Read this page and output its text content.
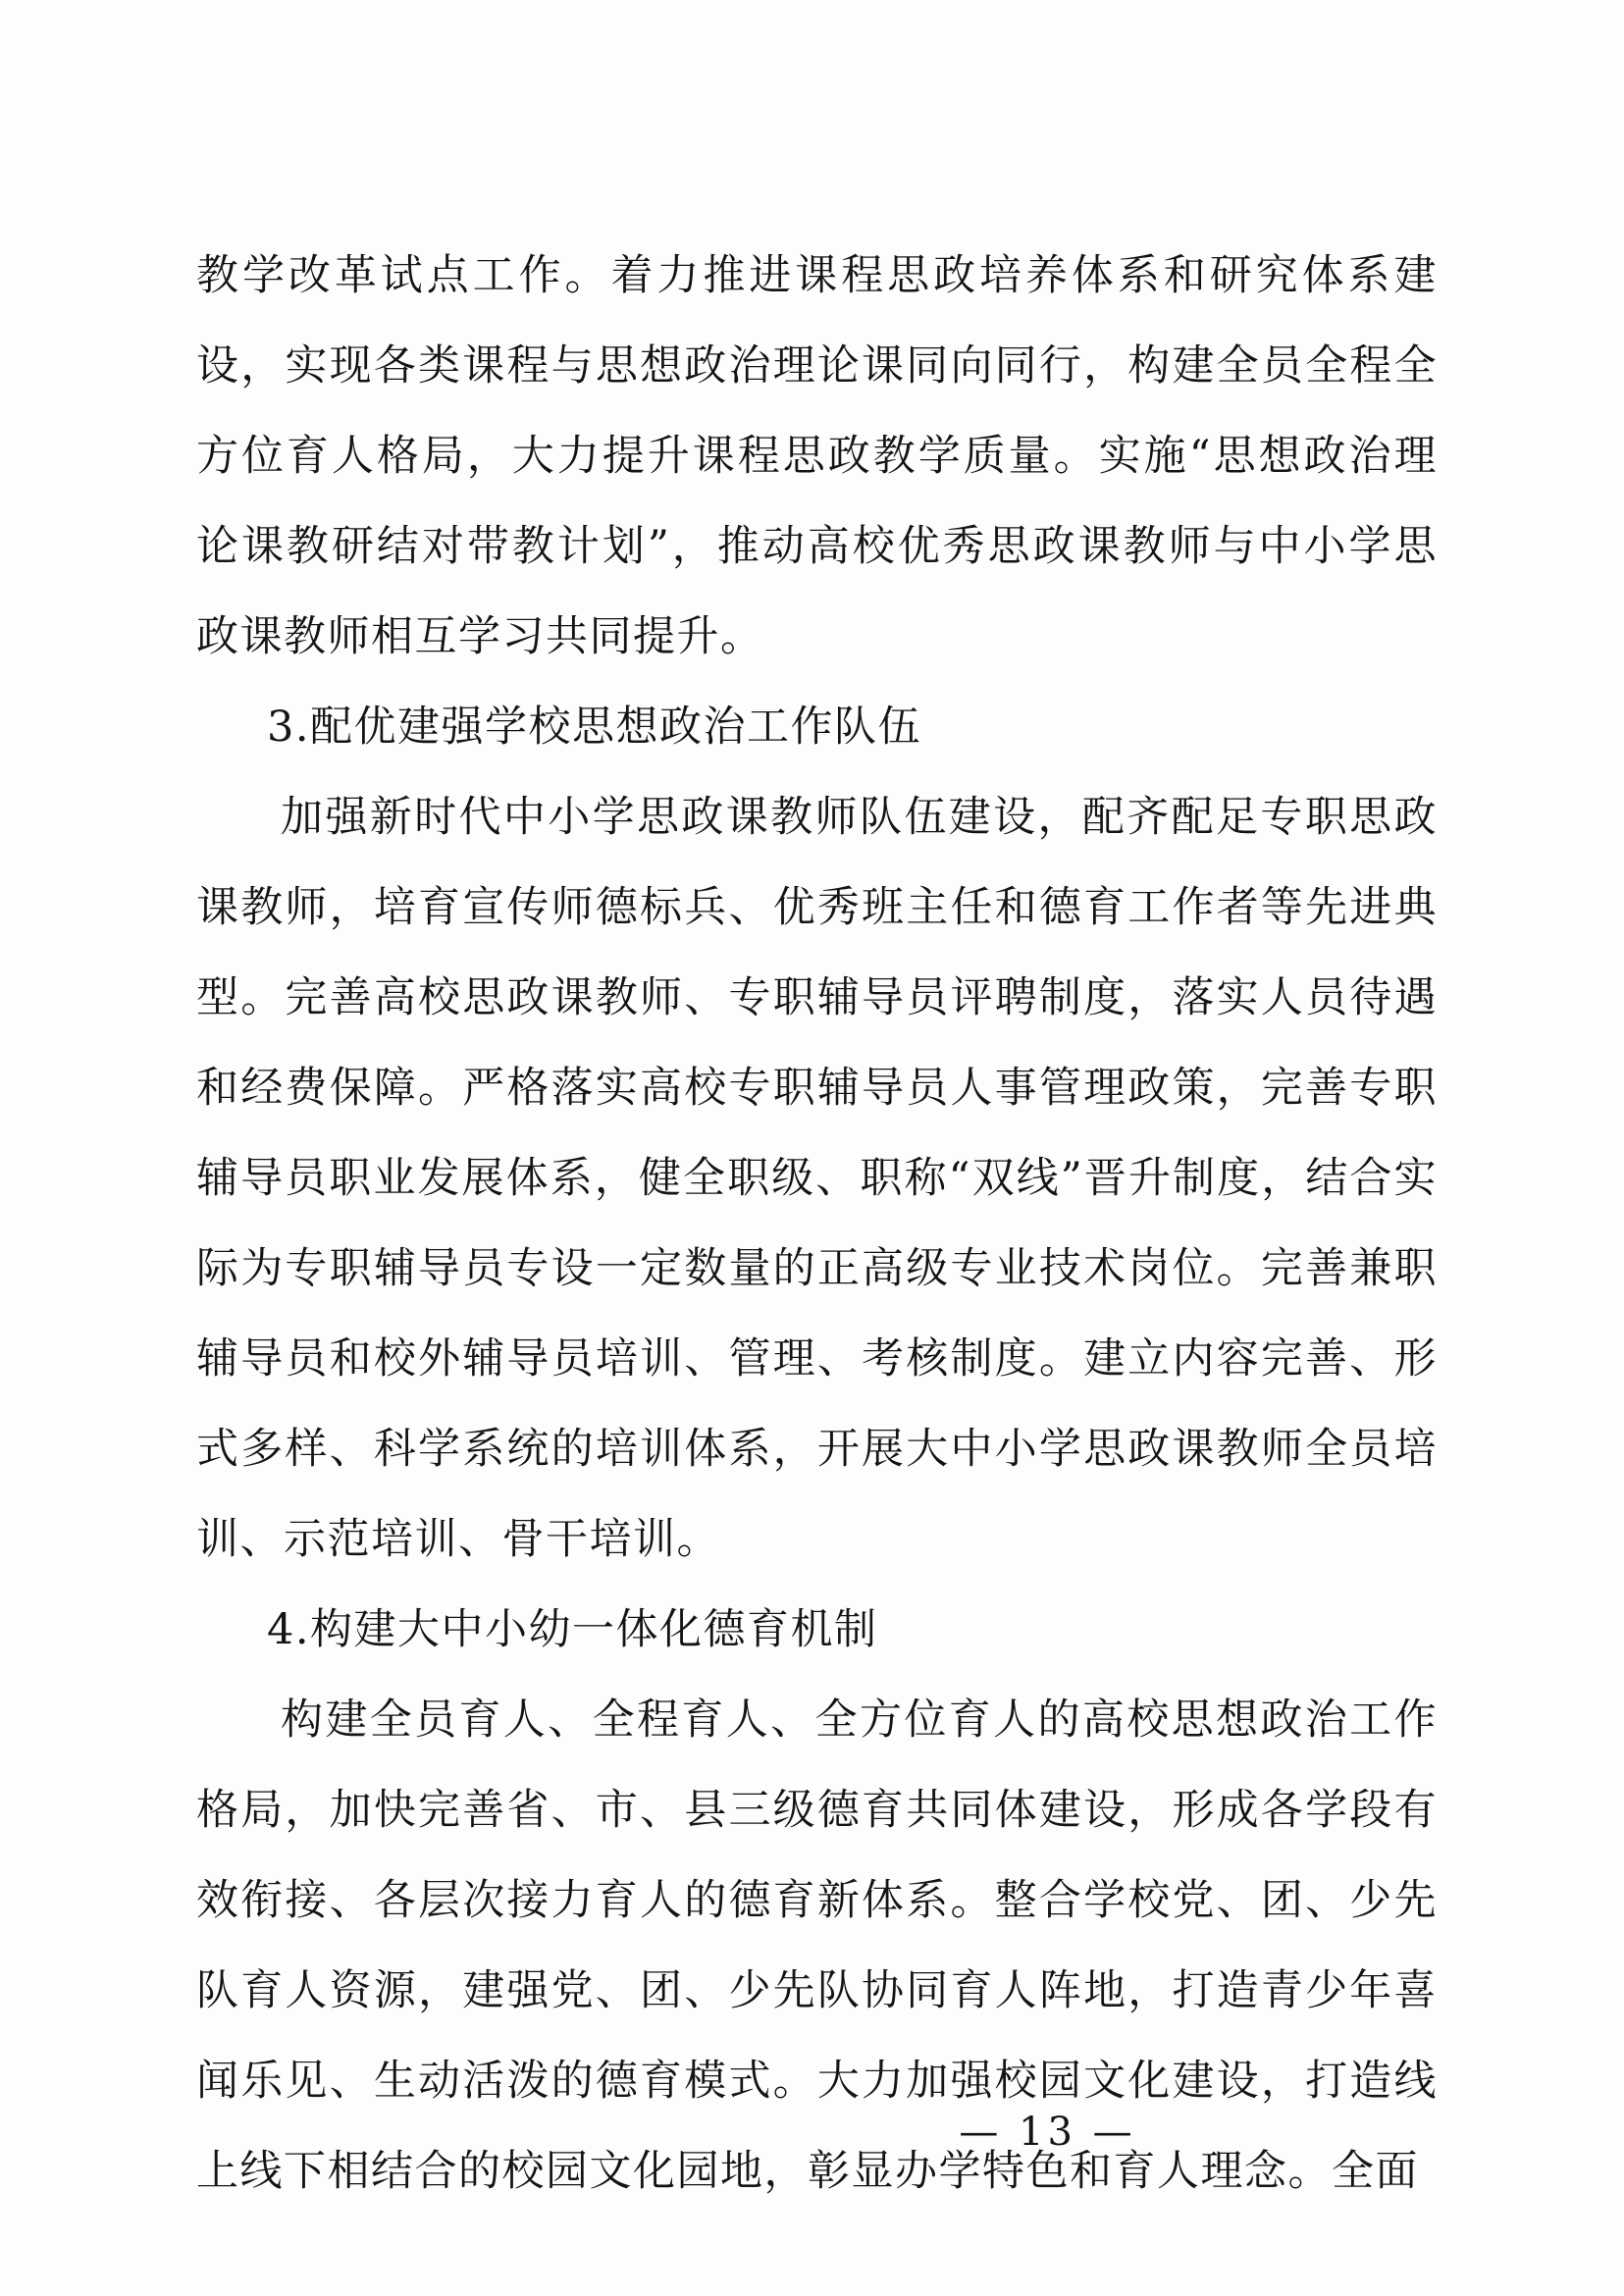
教学改革试点工作。着力推进课程思政培养体系和研究体系建设，实现各类课程与思想政治理论课同向同行，构建全员全程全方位育人格局，大力提升课程思政教学质量。实施“思想政治理论课教研结对带教计划”，推动高校优秀思政课教师与中小学思政课教师相互学习共同提升。

3.配优建强学校思想政治工作队伍

加强新时代中小学思政课教师队伍建设，配齐配足专职思政课教师，培育宣传师德标兵、优秀班主任和德育工作者等先进典型。完善高校思政课教师、专职辅导员评聘制度，落实人员待遇和经费保障。严格落实高校专职辅导员人事管理政策，完善专职辅导员职业发展体系，健全职级、职称“双线”晋升制度，结合实际为专职辅导员专设一定数量的正高级专业技术岗位。完善兼职辅导员和校外辅导员培训、管理、考核制度。建立内容完善、形式多样、科学系统的培训体系，开展大中小学思政课教师全员培训、示范培训、骨干培训。

4.构建大中小幼一体化德育机制

构建全员育人、全程育人、全方位育人的高校思想政治工作格局，加快完善省、市、县三级德育共同体建设，形成各学段有效衔接、各层次接力育人的德育新体系。整合学校党、团、少先队育人资源，建强党、团、少先队协同育人阵地，打造青少年喜闻乐见、生动活泼的德育模式。大力加强校园文化建设，打造线上线下相结合的校园文化园地，彰显办学特色和育人理念。全面

— 13 —
